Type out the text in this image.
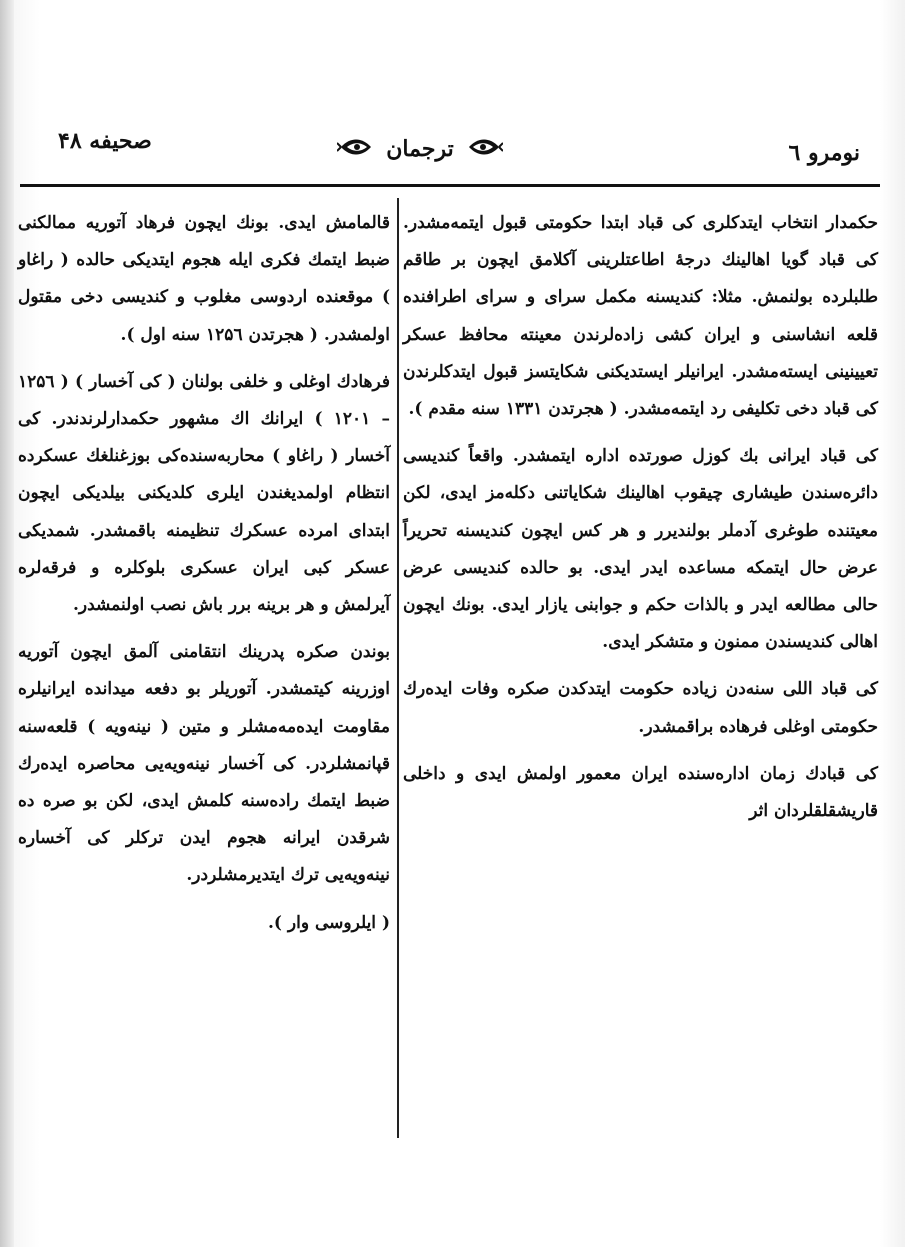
صحیفه ۴۸	ترجمان	نومرو ٦

حکمدار انتخاب ایتدکلری کی قباد ابتدا حکومتی قبول ایتمه‌مشدر. کی قباد گویا اهالینك درجهٔ اطاعتلرینی آکلامق ایچون بر طاقم طلبلرده بولنمش. مثلا: کندیسنه مکمل سرای و سرای اطرافنده قلعه انشاسنی و ایران کشی زاده‌لرندن معینته محافظ عسکر تعیینینی ایسته‌مشدر. ایرانیلر ایستدیکنی شکایتسز قبول ایتدکلرندن کی قباد دخی تکلیفی رد ایتمه‌مشدر. ( هجرتدن ۱۳۳۱ سنه مقدم ).

کی قباد ایرانی بك کوزل صورتده اداره ایتمشدر. واقعاً کندیسی دائره‌سندن طیشاری چیقوب اهالینك شکایاتنی دکله‌مز ایدی، لکن معیتنده طوغری آدملر بولندیرر و هر کس ایچون کندیسنه تحریراً عرض حال ایتمکه مساعده ایدر ایدی. بو حالده کندیسی عرض حالی مطالعه ایدر و بالذات حکم و جوابنی یازار ایدی. بونك ایچون اهالی کندیسندن ممنون و متشکر ایدی.

کی قباد اللی سنه‌دن زیاده حکومت ایتدکدن صکره وفات ایده‌رك حکومتی اوغلی فرهاده براقمشدر.

کی قبادك زمان اداره‌سنده ایران معمور اولمش ایدی و داخلی قاریشقلقلردان اثر

قالمامش ایدی. بونك ایچون فرهاد آتوریه ممالکنی ضبط ایتمك فکری ایله هجوم ایتدیکی حالده ( راغاو ) موقعنده اردوسی مغلوب و کندیسی دخی مقتول اولمشدر. ( هجرتدن ۱۲۵٦ سنه اول ).

فرهادك اوغلی و خلفی بولنان ( کی آخسار ) ( ۱۲۵٦ – ۱۲۰۱ ) ایرانك اك مشهور حکمدارلرندندر. کی آخسار ( راغاو ) محاربه‌سنده‌کی بوزغنلغك عسکرده انتظام اولمدیغندن ایلری کلدیکنی بیلدیکی ایچون ابتدای امرده عسکرك تنظیمنه باقمشدر. شمدیکی عسکر کبی ایران عسکری بلوکلره و فرقه‌لره آیرلمش و هر برینه برر باش نصب اولنمشدر.

بوندن صکره پدرینك انتقامنی آلمق ایچون آتوریه اوزرینه کیتمشدر. آتوریلر بو دفعه میدانده ایرانیلره مقاومت ایده‌مه‌مشلر و متین ( نینه‌ویه ) قلعه‌سنه قپانمشلردر. کی آخسار نینه‌ویه‌یی محاصره ایده‌رك ضبط ایتمك راده‌سنه کلمش ایدی، لکن بو صره ده شرقدن ایرانه هجوم ایدن ترکلر کی آخساره نینه‌ویه‌یی ترك ایتدیرمشلردر.

( ایلروسی وار ).
